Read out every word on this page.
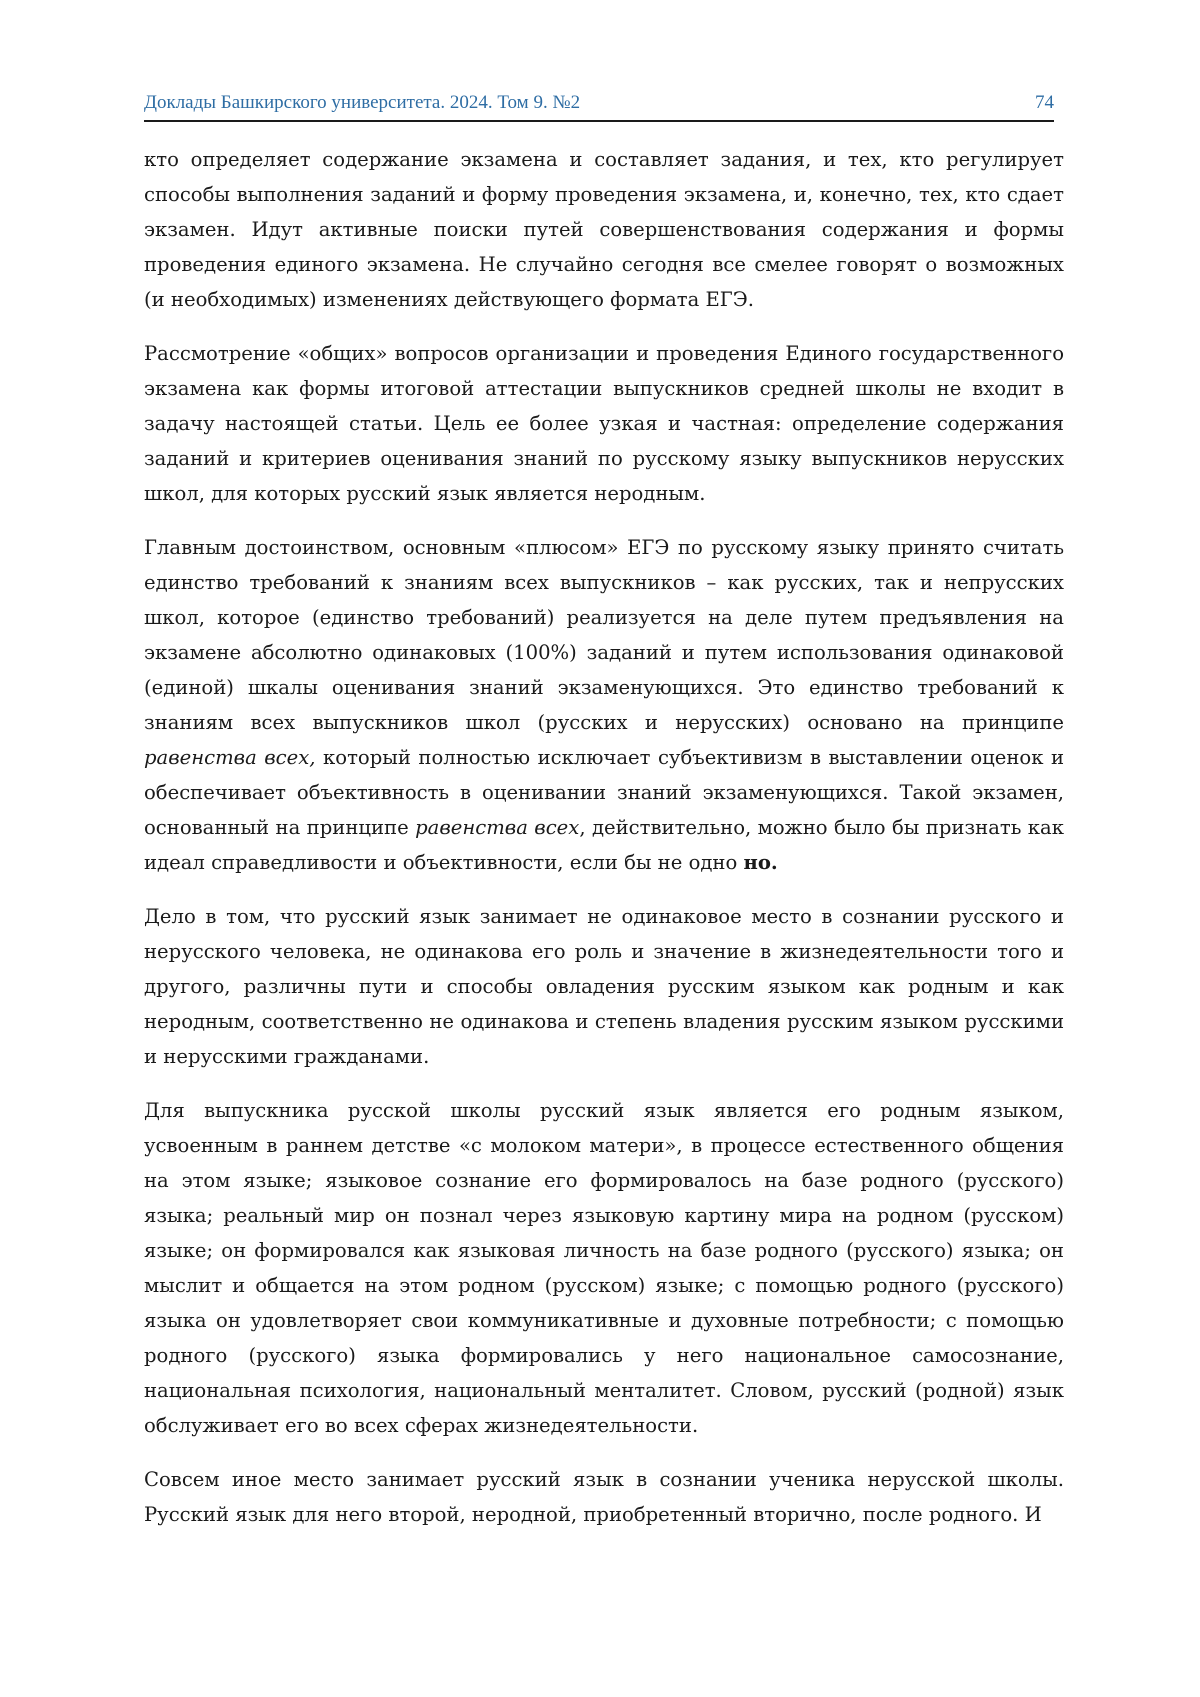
Доклады Башкирского университета. 2024. Том 9. №2	74

кто определяет содержание экзамена и составляет задания, и тех, кто регулирует способы выполнения заданий и форму проведения экзамена, и, конечно, тех, кто сдает экзамен. Идут активные поиски путей совершенствования содержания и формы проведения единого экзамена. Не случайно сегодня все смелее говорят о возможных (и необходимых) изменениях действующего формата ЕГЭ.

Рассмотрение «общих» вопросов организации и проведения Единого государственного экзамена как формы итоговой аттестации выпускников средней школы не входит в задачу настоящей статьи. Цель ее более узкая и частная: определение содержания заданий и критериев оценивания знаний по русскому языку выпускников нерусских школ, для которых русский язык является неродным.

Главным достоинством, основным «плюсом» ЕГЭ по русскому языку принято считать единство требований к знаниям всех выпускников – как русских, так и непрусских школ, которое (единство требований) реализуется на деле путем предъявления на экзамене абсолютно одинаковых (100%) заданий и путем использования одинаковой (единой) шкалы оценивания знаний экзаменующихся. Это единство требований к знаниям всех выпускников школ (русских и нерусских) основано на принципе равенства всех, который полностью исключает субъективизм в выставлении оценок и обеспечивает объективность в оценивании знаний экзаменующихся. Такой экзамен, основанный на принципе равенства всех, действительно, можно было бы признать как идеал справедливости и объективности, если бы не одно но.

Дело в том, что русский язык занимает не одинаковое место в сознании русского и нерусского человека, не одинакова его роль и значение в жизнедеятельности того и другого, различны пути и способы овладения русским языком как родным и как неродным, соответственно не одинакова и степень владения русским языком русскими и нерусскими гражданами.

Для выпускника русской школы русский язык является его родным языком, усвоенным в раннем детстве «с молоком матери», в процессе естественного общения на этом языке; языковое сознание его формировалось на базе родного (русского) языка; реальный мир он познал через языковую картину мира на родном (русском) языке; он формировался как языковая личность на базе родного (русского) языка; он мыслит и общается на этом родном (русском) языке; с помощью родного (русского) языка он удовлетворяет свои коммуникативные и духовные потребности; с помощью родного (русского) языка формировались у него национальное самосознание, национальная психология, национальный менталитет. Словом, русский (родной) язык обслуживает его во всех сферах жизнедеятельности.

Совсем иное место занимает русский язык в сознании ученика нерусской школы. Русский язык для него второй, неродной, приобретенный вторично, после родного. И
